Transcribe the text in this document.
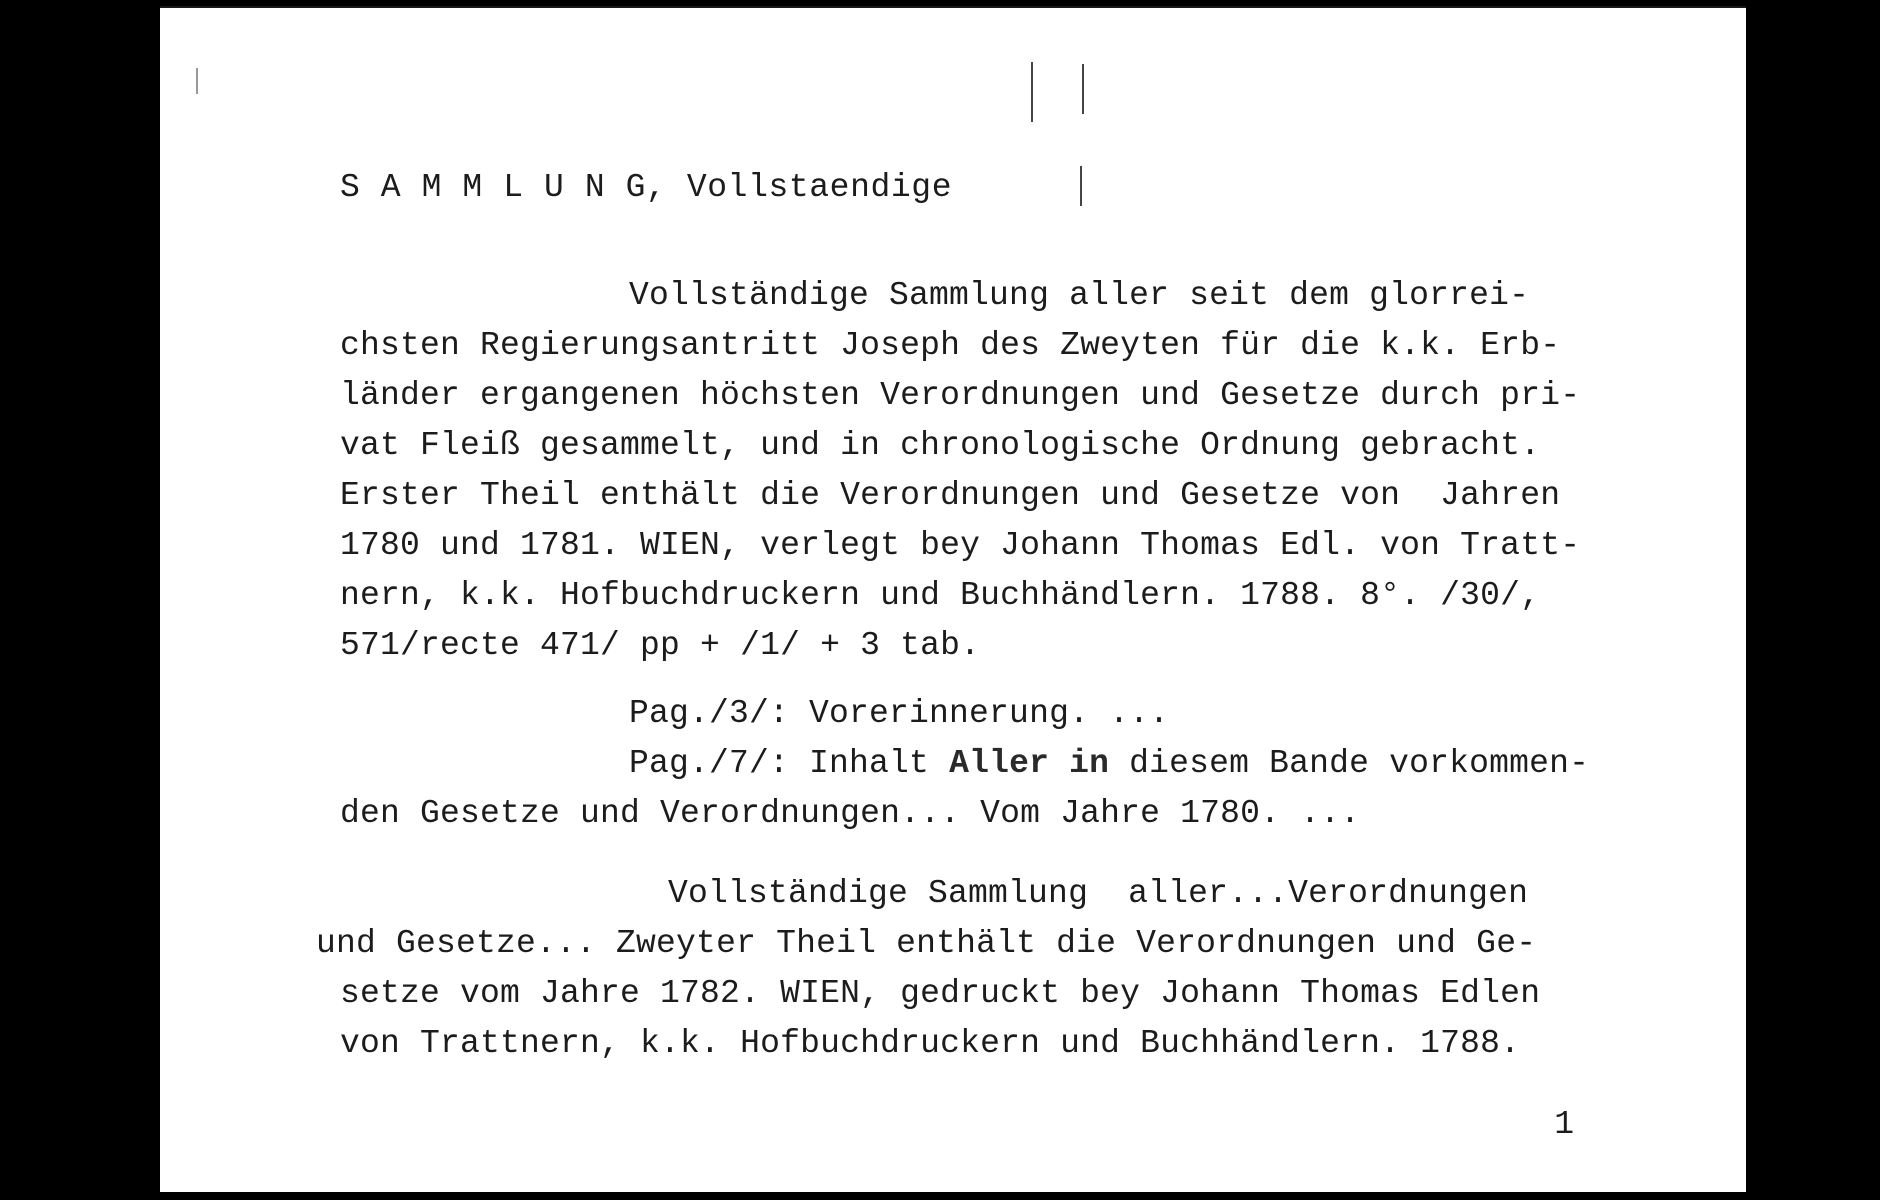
S A M M L U N G, Vollstaendige
Vollständige Sammlung aller seit dem glorrei-
chsten Regierungsantritt Joseph des Zweyten für die k.k. Erb-
länder ergangenen höchsten Verordnungen und Gesetze durch pri-
vat Fleiß gesammelt, und in chronologische Ordnung gebracht.
Erster Theil enthält die Verordnungen und Gesetze von  Jahren
1780 und 1781. WIEN, verlegt bey Johann Thomas Edl. von Tratt-
nern, k.k. Hofbuchdruckern und Buchhändlern. 1788. 8°. /30/,
571/recte 471/ pp + /1/ + 3 tab.
Pag./3/: Vorerinnerung. ...
Pag./7/: Inhalt Aller in diesem Bande vorkommen-
den Gesetze und Verordnungen... Vom Jahre 1780. ...
Vollständige Sammlung  aller...Verordnungen
und Gesetze... Zweyter Theil enthält die Verordnungen und Ge-
setze vom Jahre 1782. WIEN, gedruckt bey Johann Thomas Edlen
von Trattnern, k.k. Hofbuchdruckern und Buchhändlern. 1788.
1
